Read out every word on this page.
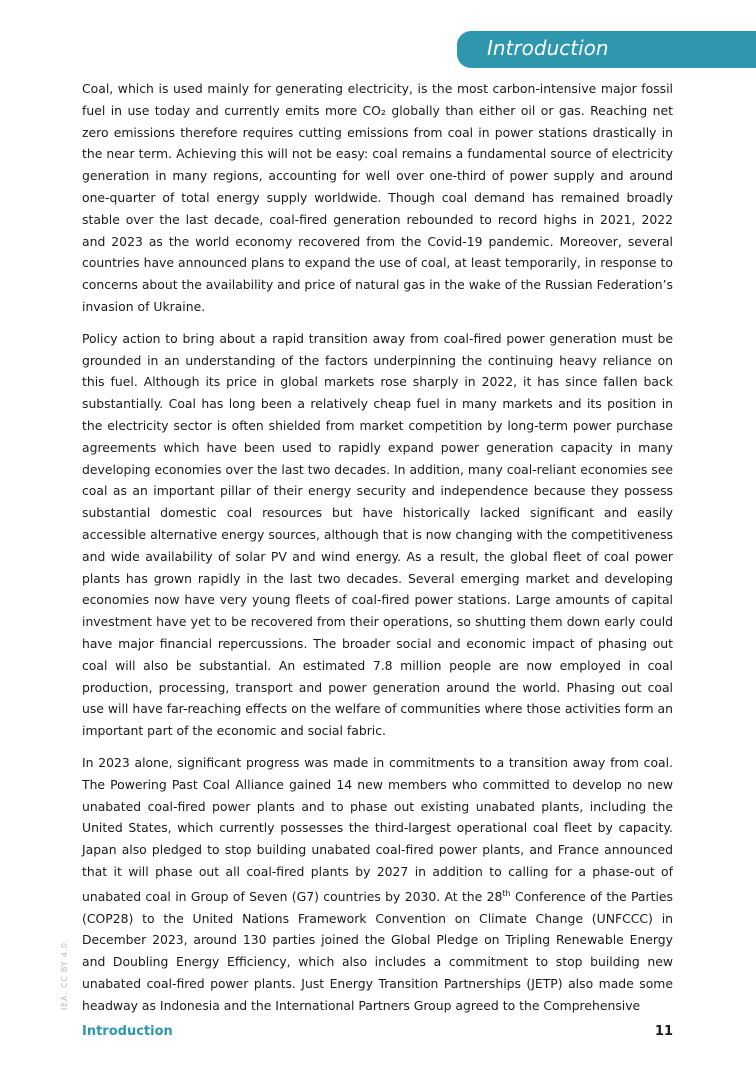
Introduction

Coal, which is used mainly for generating electricity, is the most carbon-intensive major fossil fuel in use today and currently emits more CO₂ globally than either oil or gas. Reaching net zero emissions therefore requires cutting emissions from coal in power stations drastically in the near term. Achieving this will not be easy: coal remains a fundamental source of electricity generation in many regions, accounting for well over one-third of power supply and around one-quarter of total energy supply worldwide. Though coal demand has remained broadly stable over the last decade, coal-fired generation rebounded to record highs in 2021, 2022 and 2023 as the world economy recovered from the Covid-19 pandemic. Moreover, several countries have announced plans to expand the use of coal, at least temporarily, in response to concerns about the availability and price of natural gas in the wake of the Russian Federation’s invasion of Ukraine.

Policy action to bring about a rapid transition away from coal-fired power generation must be grounded in an understanding of the factors underpinning the continuing heavy reliance on this fuel. Although its price in global markets rose sharply in 2022, it has since fallen back substantially. Coal has long been a relatively cheap fuel in many markets and its position in the electricity sector is often shielded from market competition by long-term power purchase agreements which have been used to rapidly expand power generation capacity in many developing economies over the last two decades. In addition, many coal-reliant economies see coal as an important pillar of their energy security and independence because they possess substantial domestic coal resources but have historically lacked significant and easily accessible alternative energy sources, although that is now changing with the competitiveness and wide availability of solar PV and wind energy. As a result, the global fleet of coal power plants has grown rapidly in the last two decades. Several emerging market and developing economies now have very young fleets of coal-fired power stations. Large amounts of capital investment have yet to be recovered from their operations, so shutting them down early could have major financial repercussions. The broader social and economic impact of phasing out coal will also be substantial. An estimated 7.8 million people are now employed in coal production, processing, transport and power generation around the world. Phasing out coal use will have far-reaching effects on the welfare of communities where those activities form an important part of the economic and social fabric.

In 2023 alone, significant progress was made in commitments to a transition away from coal. The Powering Past Coal Alliance gained 14 new members who committed to develop no new unabated coal-fired power plants and to phase out existing unabated plants, including the United States, which currently possesses the third-largest operational coal fleet by capacity. Japan also pledged to stop building unabated coal-fired power plants, and France announced that it will phase out all coal-fired plants by 2027 in addition to calling for a phase-out of unabated coal in Group of Seven (G7) countries by 2030. At the 28th Conference of the Parties (COP28) to the United Nations Framework Convention on Climate Change (UNFCCC) in December 2023, around 130 parties joined the Global Pledge on Tripling Renewable Energy and Doubling Energy Efficiency, which also includes a commitment to stop building new unabated coal-fired power plants. Just Energy Transition Partnerships (JETP) also made some headway as Indonesia and the International Partners Group agreed to the Comprehensive

IEA. CC BY 4.0.
Introduction	11
